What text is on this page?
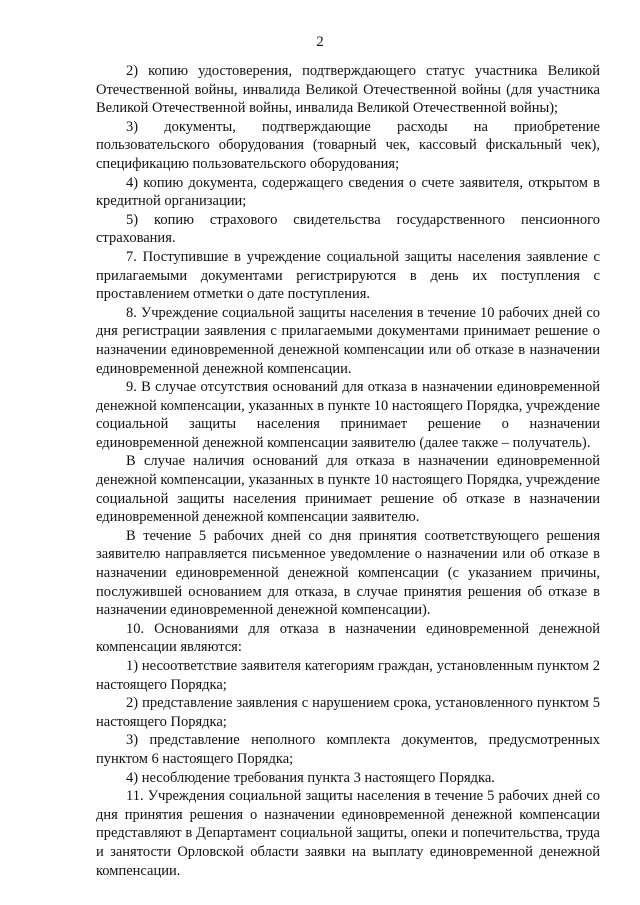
2

2) копию удостоверения, подтверждающего статус участника Великой Отечественной войны, инвалида Великой Отечественной войны (для участника Великой Отечественной войны, инвалида Великой Отечественной войны);

3) документы, подтверждающие расходы на приобретение пользовательского оборудования (товарный чек, кассовый фискальный чек), спецификацию пользовательского оборудования;

4) копию документа, содержащего сведения о счете заявителя, открытом в кредитной организации;

5) копию страхового свидетельства государственного пенсионного страхования.

7. Поступившие в учреждение социальной защиты населения заявление с прилагаемыми документами регистрируются в день их поступления с проставлением отметки о дате поступления.

8. Учреждение социальной защиты населения в течение 10 рабочих дней со дня регистрации заявления с прилагаемыми документами принимает решение о назначении единовременной денежной компенсации или об отказе в назначении единовременной денежной компенсации.

9. В случае отсутствия оснований для отказа в назначении единовременной денежной компенсации, указанных в пункте 10 настоящего Порядка, учреждение социальной защиты населения принимает решение о назначении единовременной денежной компенсации заявителю (далее также – получатель).

В случае наличия оснований для отказа в назначении единовременной денежной компенсации, указанных в пункте 10 настоящего Порядка, учреждение социальной защиты населения принимает решение об отказе в назначении единовременной денежной компенсации заявителю.

В течение 5 рабочих дней со дня принятия соответствующего решения заявителю направляется письменное уведомление о назначении или об отказе в назначении единовременной денежной компенсации (с указанием причины, послужившей основанием для отказа, в случае принятия решения об отказе в назначении единовременной денежной компенсации).

10. Основаниями для отказа в назначении единовременной денежной компенсации являются:

1) несоответствие заявителя категориям граждан, установленным пунктом 2 настоящего Порядка;

2) представление заявления с нарушением срока, установленного пунктом 5 настоящего Порядка;

3) представление неполного комплекта документов, предусмотренных пунктом 6 настоящего Порядка;

4) несоблюдение требования пункта 3 настоящего Порядка.

11. Учреждения социальной защиты населения в течение 5 рабочих дней со дня принятия решения о назначении единовременной денежной компенсации представляют в Департамент социальной защиты, опеки и попечительства, труда и занятости Орловской области заявки на выплату единовременной денежной компенсации.
